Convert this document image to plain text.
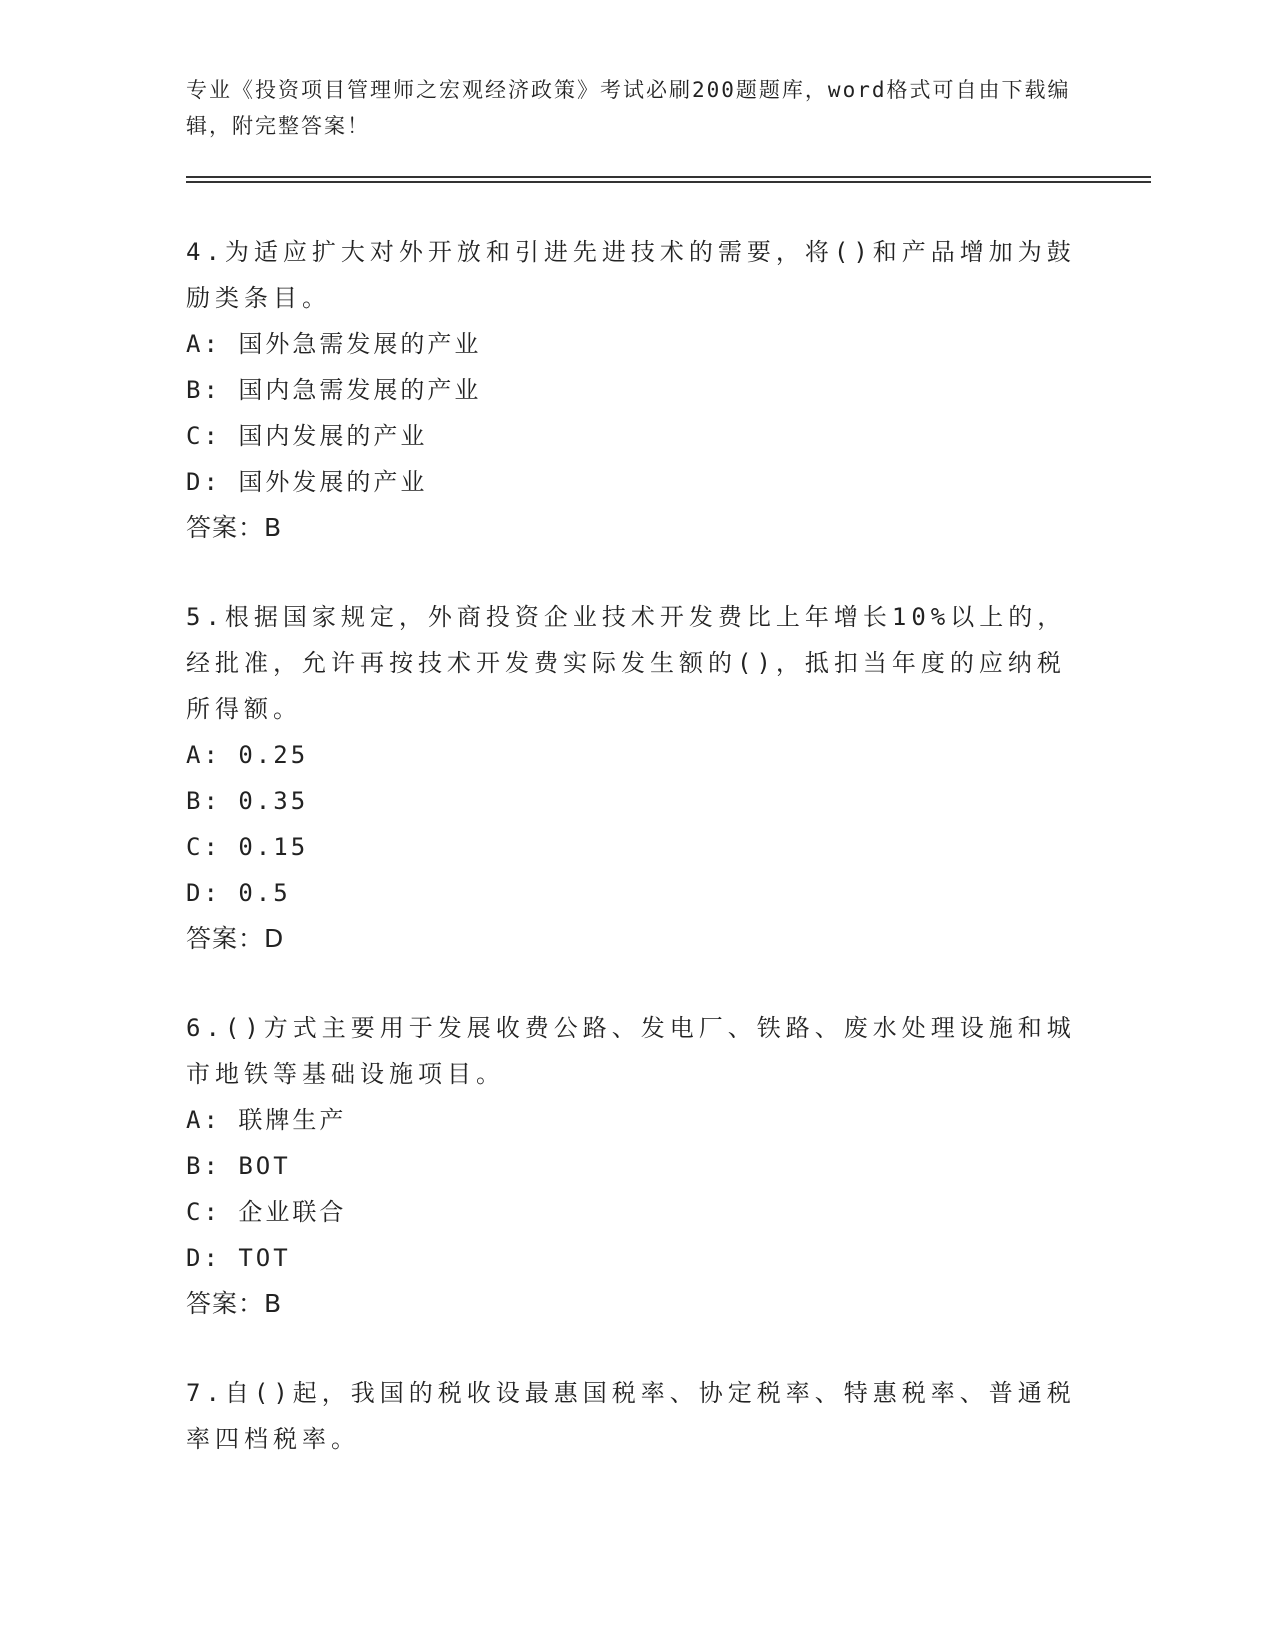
专业《投资项目管理师之宏观经济政策》考试必刷200题题库，word格式可自由下载编辑，附完整答案！
4.为适应扩大对外开放和引进先进技术的需要，将()和产品增加为鼓励类条目。
A: 国外急需发展的产业
B: 国内急需发展的产业
C: 国内发展的产业
D: 国外发展的产业
答案：B
5.根据国家规定，外商投资企业技术开发费比上年增长10%以上的，经批准，允许再按技术开发费实际发生额的()，抵扣当年度的应纳税所得额。
A: 0.25
B: 0.35
C: 0.15
D: 0.5
答案：D
6.()方式主要用于发展收费公路、发电厂、铁路、废水处理设施和城市地铁等基础设施项目。
A: 联牌生产
B: BOT
C: 企业联合
D: TOT
答案：B
7.自()起，我国的税收设最惠国税率、协定税率、特惠税率、普通税率四档税率。
